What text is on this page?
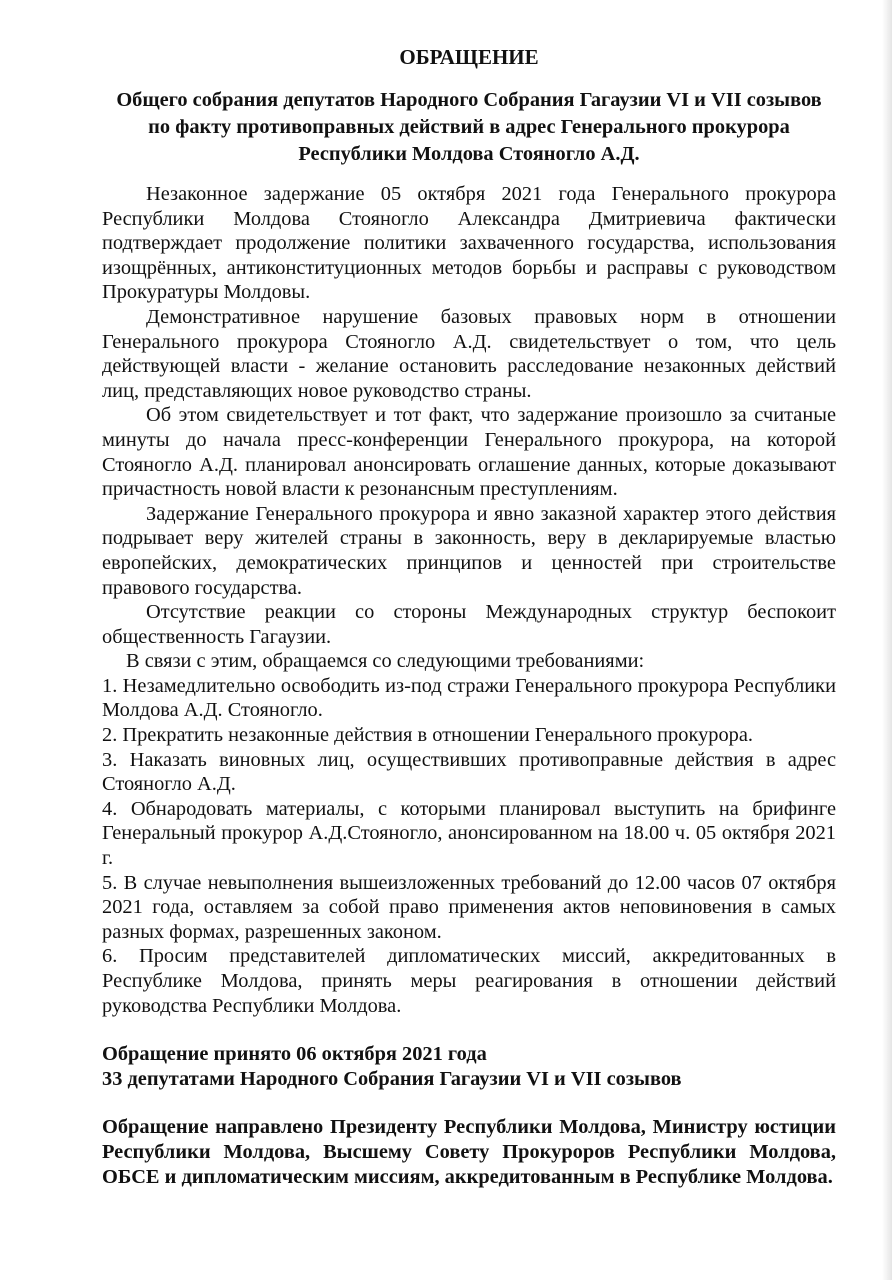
ОБРАЩЕНИЕ

Общего собрания депутатов Народного Собрания Гагаузии VI и VII созывов по факту противоправных действий в адрес Генерального прокурора Республики Молдова Стояногло А.Д.

Незаконное задержание 05 октября 2021 года Генерального прокурора Республики Молдова Стояногло Александра Дмитриевича фактически подтверждает продолжение политики захваченного государства, использования изощрённых, антиконституционных методов борьбы и расправы с руководством Прокуратуры Молдовы.

Демонстративное нарушение базовых правовых норм в отношении Генерального прокурора Стояногло А.Д. свидетельствует о том, что цель действующей власти - желание остановить расследование незаконных действий лиц, представляющих новое руководство страны.

Об этом свидетельствует и тот факт, что задержание произошло за считаные минуты до начала пресс-конференции Генерального прокурора, на которой Стояногло А.Д. планировал анонсировать оглашение данных, которые доказывают причастность новой власти к резонансным преступлениям.

Задержание Генерального прокурора и явно заказной характер этого действия подрывает веру жителей страны в законность, веру в декларируемые властью европейских, демократических принципов и ценностей при строительстве правового государства.

Отсутствие реакции со стороны Международных структур беспокоит общественность Гагаузии.

В связи с этим, обращаемся со следующими требованиями:

1. Незамедлительно освободить из-под стражи Генерального прокурора Республики Молдова А.Д. Стояногло.

2. Прекратить незаконные действия в отношении Генерального прокурора.

3. Наказать виновных лиц, осуществивших противоправные действия в адрес Стояногло А.Д.

4. Обнародовать материалы, с которыми планировал выступить на брифинге Генеральный прокурор А.Д.Стояногло, анонсированном на 18.00 ч. 05 октября 2021 г.

5. В случае невыполнения вышеизложенных требований до 12.00 часов 07 октября 2021 года, оставляем за собой право применения актов неповиновения в самых разных формах, разрешенных законом.

6. Просим представителей дипломатических миссий, аккредитованных в Республике Молдова, принять меры реагирования в отношении действий руководства Республики Молдова.

Обращение принято 06 октября 2021 года

33 депутатами Народного Собрания Гагаузии VI и VII созывов

Обращение направлено Президенту Республики Молдова, Министру юстиции Республики Молдова, Высшему Совету Прокуроров Республики Молдова, ОБСЕ и дипломатическим миссиям, аккредитованным в Республике Молдова.
